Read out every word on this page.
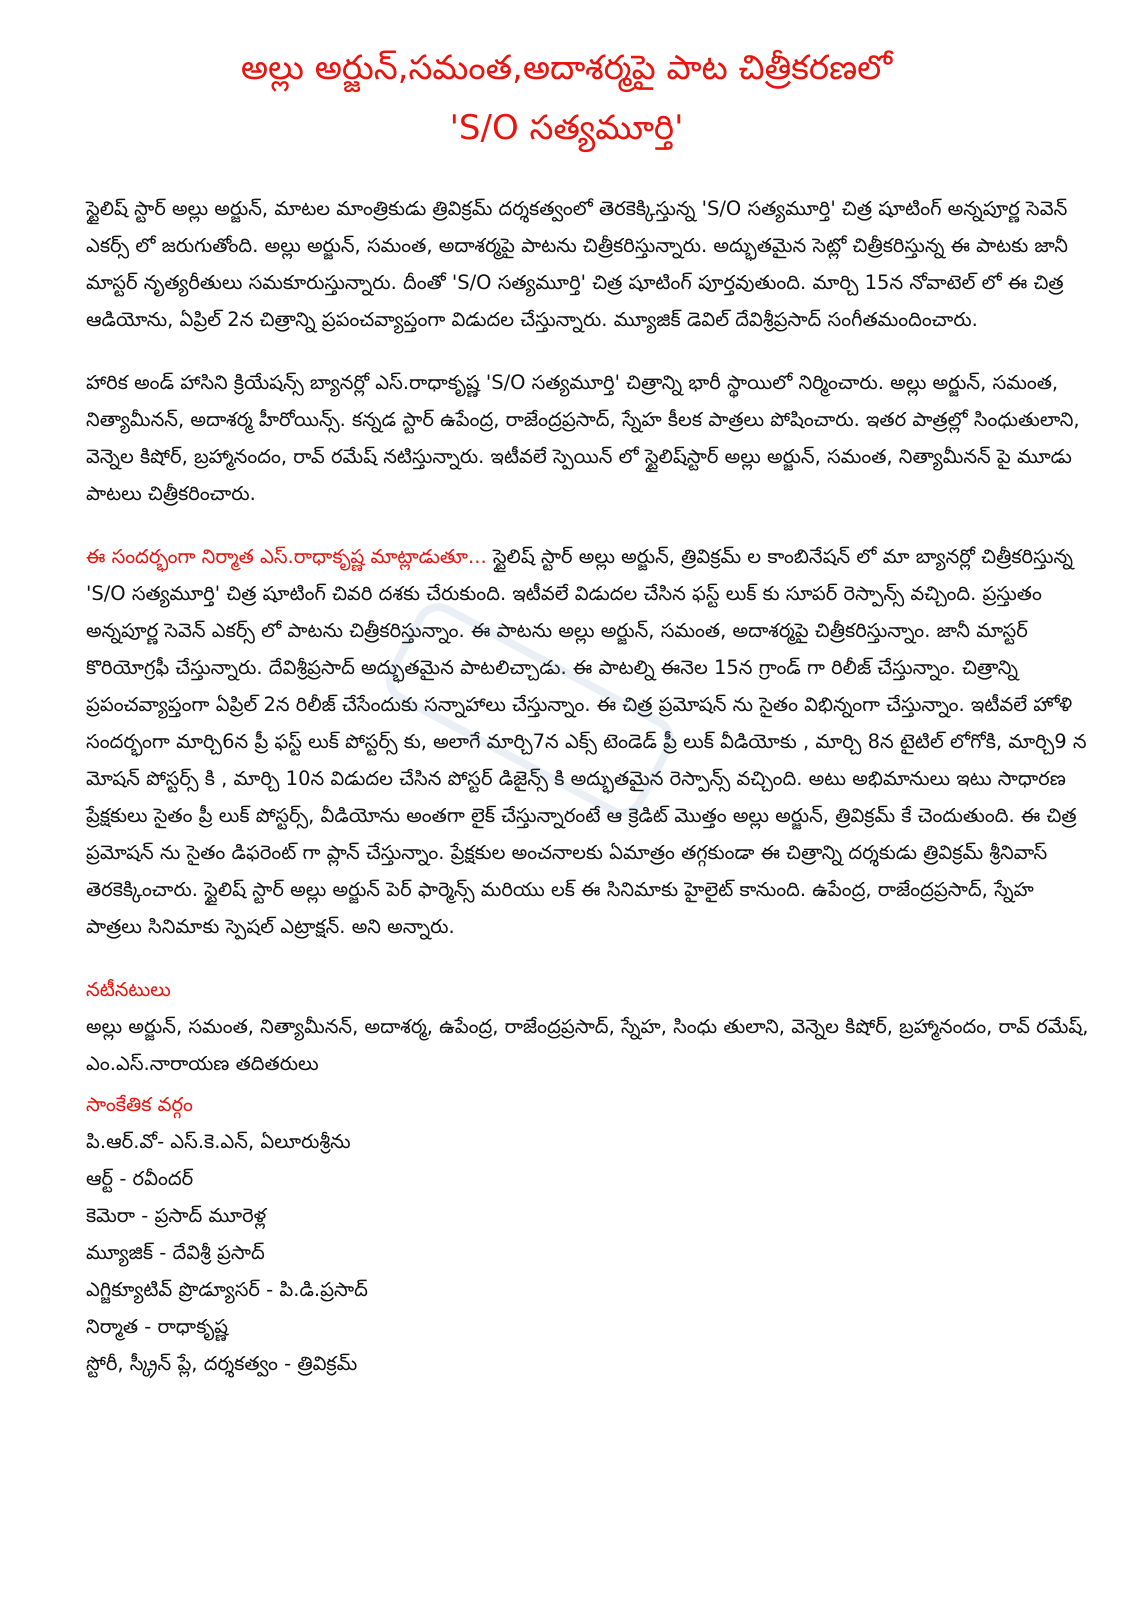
అల్లు అర్జున్,సమంత,అదాశర్మపై పాట చిత్రీకరణలో
'S/O సత్యమూర్తి'

స్టైలిష్ స్టార్ అల్లు అర్జున్, మాటల మాంత్రికుడు త్రివిక్రమ్ దర్శకత్వంలో తెరకెక్కిస్తున్న 'S/O సత్యమూర్తి' చిత్ర షూటింగ్ అన్నపూర్ణ సెవెన్ ఎకర్స్ లో జరుగుతోంది. అల్లు అర్జున్, సమంత, అదాశర్మపై పాటను చిత్రీకరిస్తున్నారు. అద్భుతమైన సెట్లో చిత్రీకరిస్తున్న ఈ పాటకు జానీ మాస్టర్ నృత్యరీతులు సమకూరుస్తున్నారు. దీంతో 'S/O సత్యమూర్తి' చిత్ర షూటింగ్ పూర్తవుతుంది. మార్చి 15న నోవాటెల్ లో ఈ చిత్ర ఆడియోను, ఏప్రిల్ 2న చిత్రాన్ని ప్రపంచవ్యాప్తంగా విడుదల చేస్తున్నారు. మ్యూజిక్ డెవిల్ దేవిశ్రీప్రసాద్ సంగీతమందించారు.

హారిక అండ్ హాసిని క్రియేషన్స్ బ్యానర్లో ఎస్.రాధాకృష్ణ 'S/O సత్యమూర్తి' చిత్రాన్ని భారీ స్థాయిలో నిర్మించారు. అల్లు అర్జున్, సమంత, నిత్యామీనన్, అదాశర్మ హీరోయిన్స్. కన్నడ స్టార్ ఉపేంద్ర, రాజేంద్రప్రసాద్, స్నేహ కీలక పాత్రలు పోషించారు. ఇతర పాత్రల్లో సింధుతులాని, వెన్నెల కిషోర్, బ్రహ్మానందం, రావ్ రమేష్ నటిస్తున్నారు. ఇటీవలే స్పెయిన్ లో స్టైలిష్‌స్టార్ అల్లు అర్జున్, సమంత, నిత్యామీనన్ పై మూడు పాటలు చిత్రీకరించారు.

ఈ సందర్భంగా నిర్మాత ఎస్.రాధాకృష్ణ మాట్లాడుతూ... స్టైలిష్ స్టార్ అల్లు అర్జున్, త్రివిక్రమ్ ల కాంబినేషన్ లో మా బ్యానర్లో చిత్రీకరిస్తున్న 'S/O సత్యమూర్తి' చిత్ర షూటింగ్ చివరి దశకు చేరుకుంది. ఇటీవలే విడుదల చేసిన ఫస్ట్ లుక్ కు సూపర్ రెస్పాన్స్ వచ్చింది. ప్రస్తుతం అన్నపూర్ణ సెవెన్ ఎకర్స్ లో పాటను చిత్రీకరిస్తున్నాం. ఈ పాటను అల్లు అర్జున్, సమంత, అదాశర్మపై చిత్రీకరిస్తున్నాం. జానీ మాస్టర్ కొరియోగ్రఫీ చేస్తున్నారు. దేవిశ్రీప్రసాద్ అద్భుతమైన పాటలిచ్చాడు. ఈ పాటల్ని ఈనెల 15న గ్రాండ్ గా రిలీజ్ చేస్తున్నాం. చిత్రాన్ని ప్రపంచవ్యాప్తంగా ఏప్రిల్ 2న రిలీజ్ చేసేందుకు సన్నాహాలు చేస్తున్నాం. ఈ చిత్ర ప్రమోషన్ ను సైతం విభిన్నంగా చేస్తున్నాం. ఇటీవలే హోళి సందర్భంగా మార్చి6న ప్రీ ఫస్ట్ లుక్ పోస్టర్స్ కు, అలాగే మార్చి7న ఎక్స్ టెండెడ్ ప్రీ లుక్ వీడియోకు , మార్చి 8న టైటిల్ లోగోకి, మార్చి9 న మోషన్ పోస్టర్స్ కి , మార్చి 10న విడుదల చేసిన పోస్టర్ డిజైన్స్ కి అద్భుతమైన రెస్పాన్స్ వచ్చింది. అటు అభిమానులు ఇటు సాధారణ ప్రేక్షకులు సైతం ప్రీ లుక్ పోస్టర్స్, వీడియోను అంతగా లైక్ చేస్తున్నారంటే ఆ క్రెడిట్ మొత్తం అల్లు అర్జున్, త్రివిక్రమ్ కే చెందుతుంది. ఈ చిత్ర ప్రమోషన్ ను సైతం డిఫరెంట్ గా ప్లాన్ చేస్తున్నాం. ప్రేక్షకుల అంచనాలకు ఏమాత్రం తగ్గకుండా ఈ చిత్రాన్ని దర్శకుడు త్రివిక్రమ్ శ్రీనివాస్ తెరకెక్కించారు. స్టైలిష్ స్టార్ అల్లు అర్జున్ పెర్ ఫార్మెన్స్ మరియు లక్ ఈ సినిమాకు హైలైట్ కానుంది. ఉపేంద్ర, రాజేంద్రప్రసాద్, స్నేహ పాత్రలు సినిమాకు స్పెషల్ ఎట్రాక్షన్. అని అన్నారు.

నటీనటులు
అల్లు అర్జున్, సమంత, నిత్యామీనన్, అదాశర్మ, ఉపేంద్ర, రాజేంద్రప్రసాద్, స్నేహ, సింధు తులాని, వెన్నెల కిషోర్, బ్రహ్మానందం, రావ్ రమేష్, ఎం.ఎస్.నారాయణ తదితరులు
సాంకేతిక వర్గం
పి.ఆర్.వో- ఎస్.కె.ఎన్, ఏలూరుశ్రీను
ఆర్ట్ - రవీందర్
కెమెరా - ప్రసాద్ మూరెళ్ల
మ్యూజిక్ - దేవిశ్రీ ప్రసాద్
ఎగ్జిక్యూటివ్ ప్రొడ్యూసర్ - పి.డి.ప్రసాద్
నిర్మాత - రాధాకృష్ణ
స్టోరీ, స్క్రీన్ ప్లే, దర్శకత్వం - త్రివిక్రమ్
